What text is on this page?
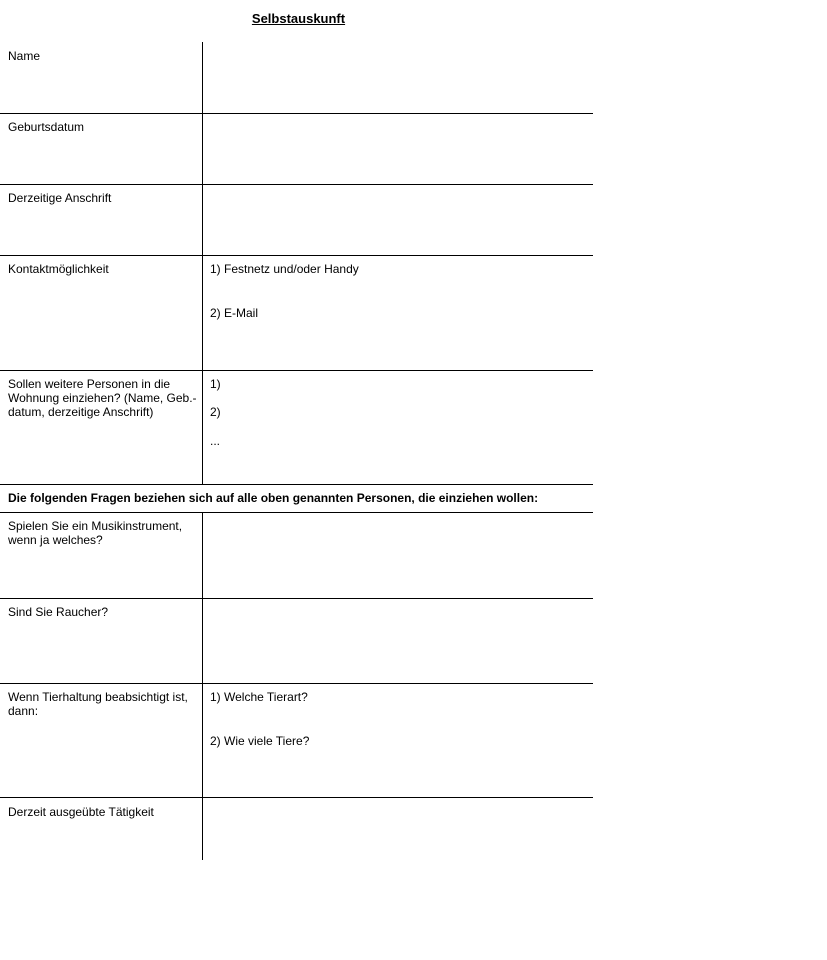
Selbstauskunft
Name
Geburtsdatum
Derzeitige Anschrift
Kontaktmöglichkeit	1) Festnetz und/oder Handy
2) E-Mail
Sollen weitere Personen in die Wohnung einziehen? (Name, Geb.-datum, derzeitige Anschrift)
1)
2)
...
Die folgenden Fragen beziehen sich auf alle oben genannten Personen, die einziehen wollen:
Spielen Sie ein Musikinstrument, wenn ja welches?
Sind Sie Raucher?
Wenn Tierhaltung beabsichtigt ist, dann:
1) Welche Tierart?
2) Wie viele Tiere?
Derzeit ausgeübte Tätigkeit
